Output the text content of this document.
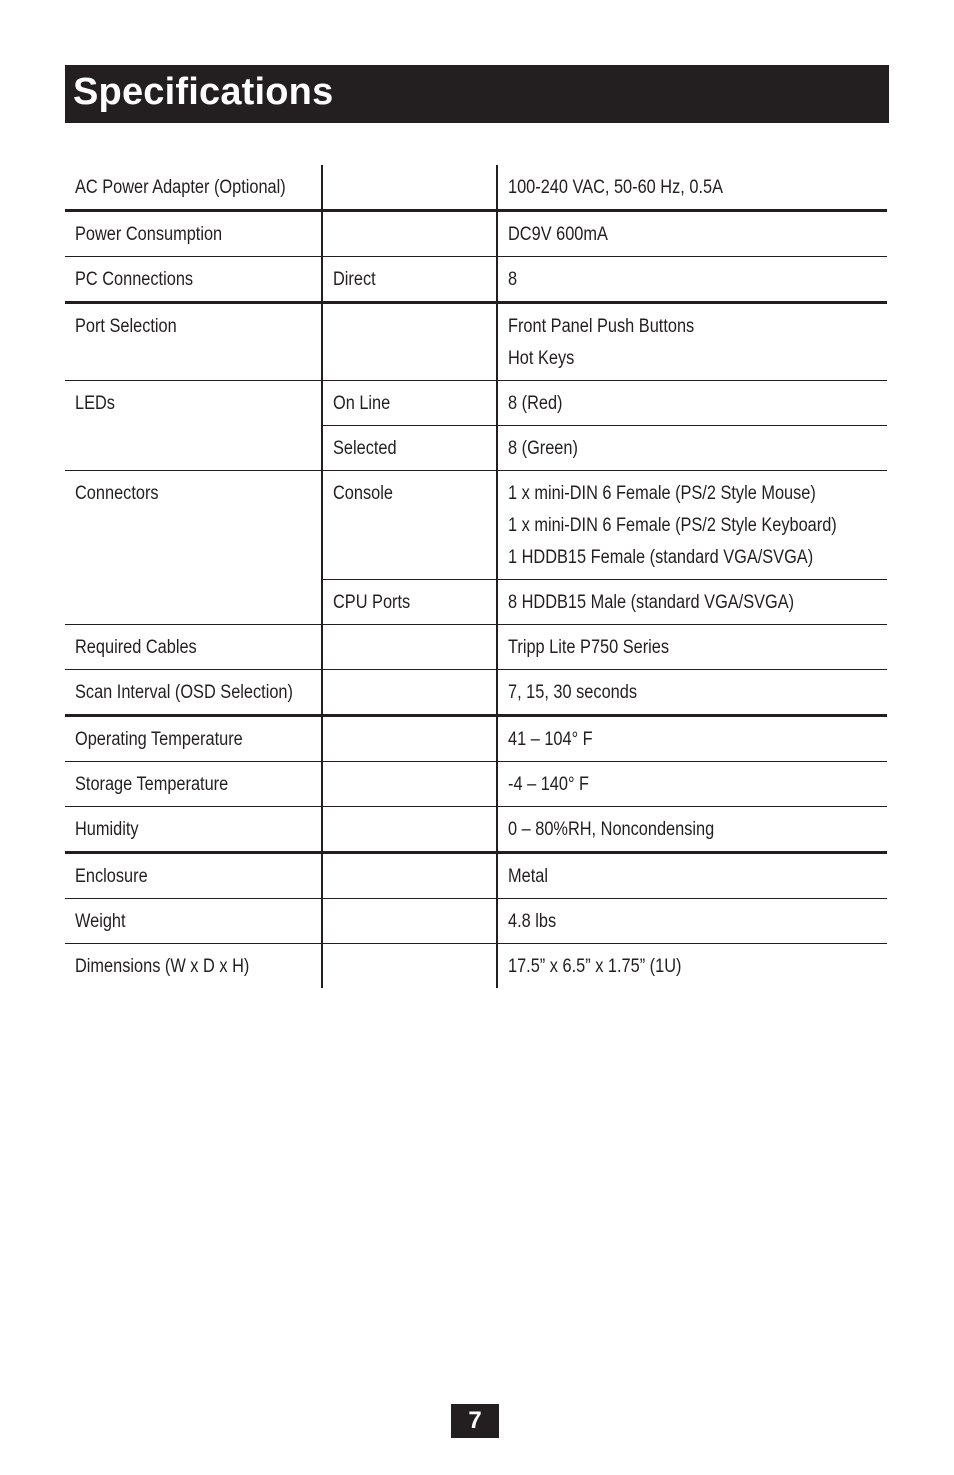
Specifications
AC Power Adapter (Optional)		100-240 VAC, 50-60 Hz, 0.5A

Power Consumption		DC9V 600mA

PC Connections	Direct	8

Port Selection		Front Panel Push Buttons
Hot Keys

LEDs	On Line	8 (Red)

	Selected	8 (Green)

Connectors	Console	1 x mini-DIN 6 Female (PS/2 Style Mouse)
1 x mini-DIN 6 Female (PS/2 Style Keyboard)
1 HDDB15 Female (standard VGA/SVGA)

	CPU Ports	8 HDDB15 Male (standard VGA/SVGA)

Required Cables		Tripp Lite P750 Series

Scan Interval (OSD Selection)		7, 15, 30 seconds

Operating Temperature		41 – 104° F

Storage Temperature		-4 – 140° F

Humidity		0 – 80%RH, Noncondensing

Enclosure		Metal

Weight		4.8 lbs

Dimensions (W x D x H)		17.5” x 6.5” x 1.75” (1U)
7
